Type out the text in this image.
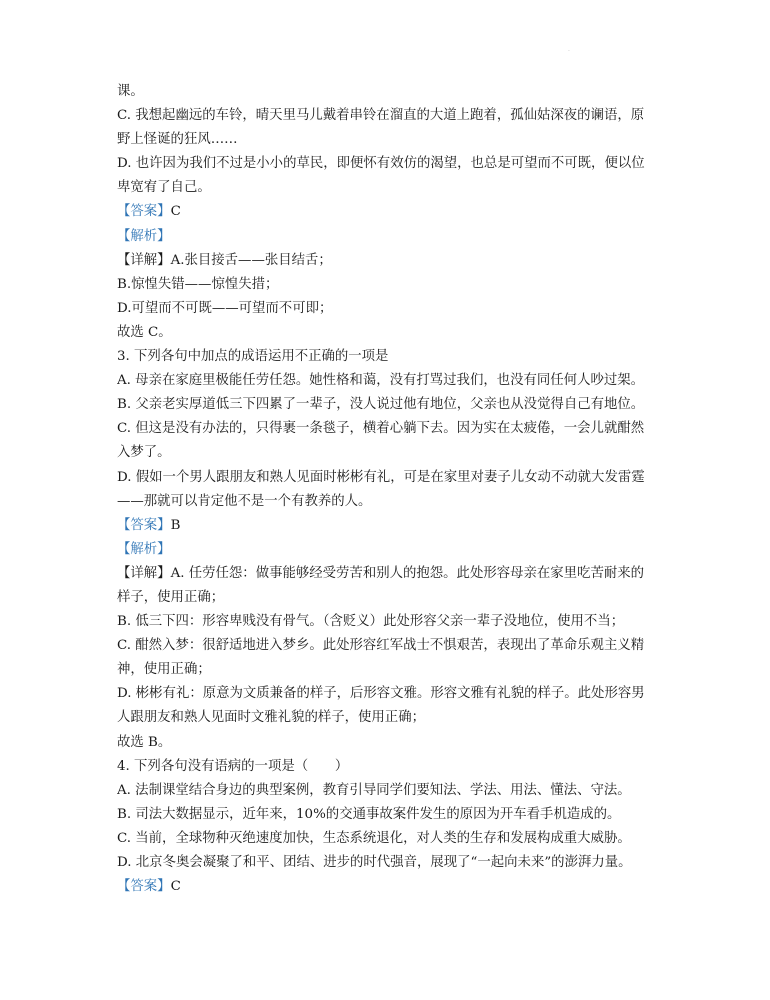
.
课。
C. 我想起幽远的车铃，晴天里马儿戴着串铃在溜直的大道上跑着，孤仙姑深夜的谰语，原
野上怪诞的狂风……
D. 也许因为我们不过是小小的草民，即便怀有效仿的渴望，也总是可望而不可既，便以位
卑宽宥了自己。
【答案】C
【解析】
【详解】A.张目接舌——张目结舌；
B.惊惶失错——惊惶失措；
D.可望而不可既——可望而不可即；
故选 C。
3. 下列各句中加点的成语运用不正确的一项是
A. 母亲在家庭里极能任劳任怨。她性格和蔼，没有打骂过我们，也没有同任何人吵过架。
B. 父亲老实厚道低三下四累了一辈子，没人说过他有地位，父亲也从没觉得自己有地位。
C. 但这是没有办法的，只得裹一条毯子，横着心躺下去。因为实在太疲倦，一会儿就酣然
入梦了。
D. 假如一个男人跟朋友和熟人见面时彬彬有礼，可是在家里对妻子儿女动不动就大发雷霆
——那就可以肯定他不是一个有教养的人。
【答案】B
【解析】
【详解】A. 任劳任怨：做事能够经受劳苦和别人的抱怨。此处形容母亲在家里吃苦耐来的
样子，使用正确；
B. 低三下四：形容卑贱没有骨气。（含贬义）此处形容父亲一辈子没地位，使用不当；
C. 酣然入梦：很舒适地进入梦乡。此处形容红军战士不惧艰苦，表现出了革命乐观主义精
神，使用正确；
D. 彬彬有礼：原意为文质兼备的样子，后形容文雅。形容文雅有礼貌的样子。此处形容男
人跟朋友和熟人见面时文雅礼貌的样子，使用正确；
故选 B。
4. 下列各句没有语病的一项是（　　）
A. 法制课堂结合身边的典型案例，教育引导同学们要知法、学法、用法、懂法、守法。
B. 司法大数据显示，近年来，10%的交通事故案件发生的原因为开车看手机造成的。
C. 当前，全球物种灭绝速度加快，生态系统退化，对人类的生存和发展构成重大威胁。
D. 北京冬奥会凝聚了和平、团结、进步的时代强音，展现了“一起向未来”的澎湃力量。
【答案】C
